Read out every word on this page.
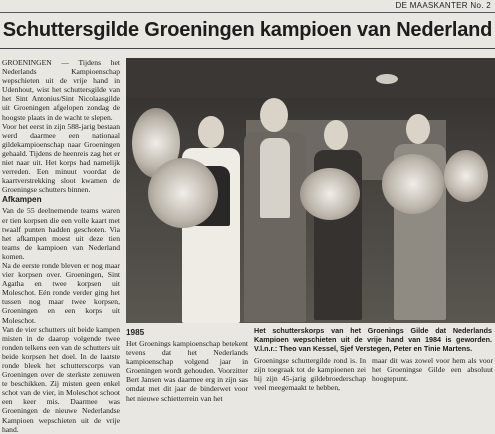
DE MAASKANTER No. 2
Schuttersgilde Groeningen kampioen van Nederland

GROENINGEN — Tijdens het Nederlands Kampioenschap wepschieten uit de vrije hand in Udenhout, wist het schuttersgilde van het Sint Antonius/Sint Nicolaasgilde uit Groeningen afgelopen zondag de hoogste plaats in de wacht te slepen.

Voor het eerst in zijn 588-jarig bestaan werd daarmee een nationaal gildekampioenschap naar Groeningen gehaald. Tijdens de heenreis zag het er niet naar uit. Het korps had namelijk verreden. Een minuut voordat de kaartverstrekking sloot kwamen de Groeningse schutters binnen.

Afkampen

Van de 55 deelnemende teams waren er tien korpsen die een volle kaart met twaalf punten hadden geschoten. Via het afkampen moest uit deze tien teams de kampioen van Nederland komen.

Na de eerste ronde bleven er nog maar vier korpsen over. Groeningen, Sint Agatha en twee korpsen uit Moleschot. Eén ronde verder ging het tussen nog maar twee korpsen, Groeningen en een korps uit Moleschot.

Van de vier schutters uit beide kampen misten in de daarop volgende twee ronden telkens een van de schutters uit beide korpsen het doel. In de laatste ronde bleek het schutterscorps van Groeningen over de sterkste zenuwen te beschikken. Zij misten geen enkel schot van de vier, in Moleschot schoot een keer mis. Daarmee was Groeningen de nieuwe Nederlandse Kampioen wepschieten uit de vrije hand.

Het schutterskorps van het Groenings Gilde dat Nederlands Kampioen wepschieten uit de vrije hand van 1984 is geworden. V.l.n.r.: Theo van Kessel, Sjef Verstegen, Peter en Tinie Martens.

1985

Het Groenings kampioenschap betekent tevens dat het Nederlands kampioenschap volgend jaar in Groeningen wordt gehouden. Voorzitter Bert Jansen was daarmee erg in zijn sas omdat met dit jaar de binderwet voor het nieuwe schietterrein van het

Groeningse schuttergilde rond is. In zijn toegraak tot de kampioenen zei hij zijn 45-jarig gildebroederschap veel meegemaakt te hebben,

maar dit was zowel voor hem als voor het Groeningse Gilde een absoluut hoogtepunt.
